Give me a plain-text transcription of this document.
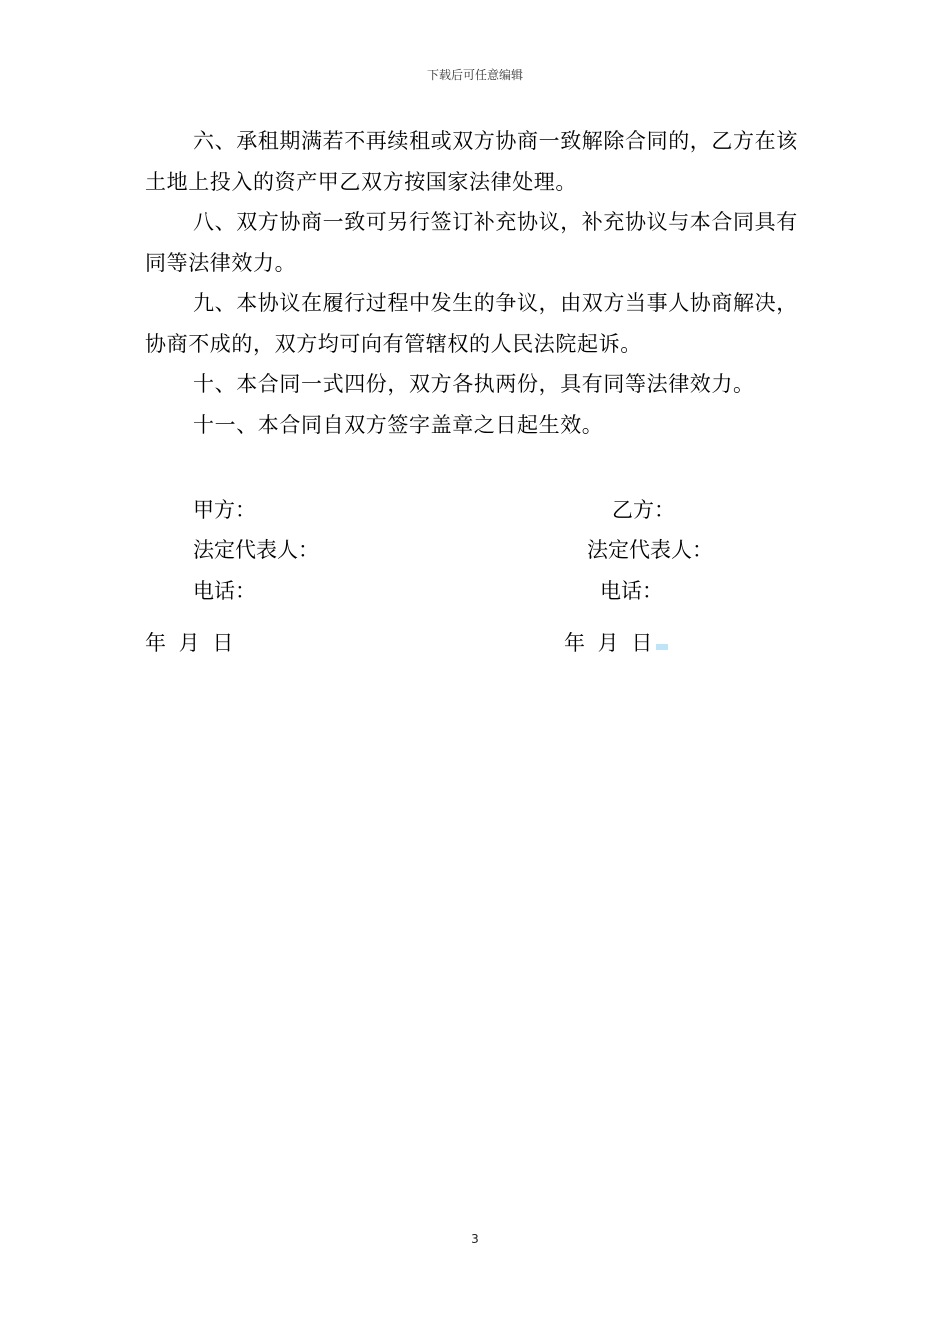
下载后可任意编辑

六、承租期满若不再续租或双方协商一致解除合同的，乙方在该土地上投入的资产甲乙双方按国家法律处理。

八、双方协商一致可另行签订补充协议，补充协议与本合同具有同等法律效力。

九、本协议在履行过程中发生的争议，由双方当事人协商解决，协商不成的，双方均可向有管辖权的人民法院起诉。

十、本合同一式四份，双方各执两份，具有同等法律效力。

十一、本合同自双方签字盖章之日起生效。

甲方：
法定代表人：
电话：
年 月 日
乙方：
法定代表人：
电话：
年 月 日
3
